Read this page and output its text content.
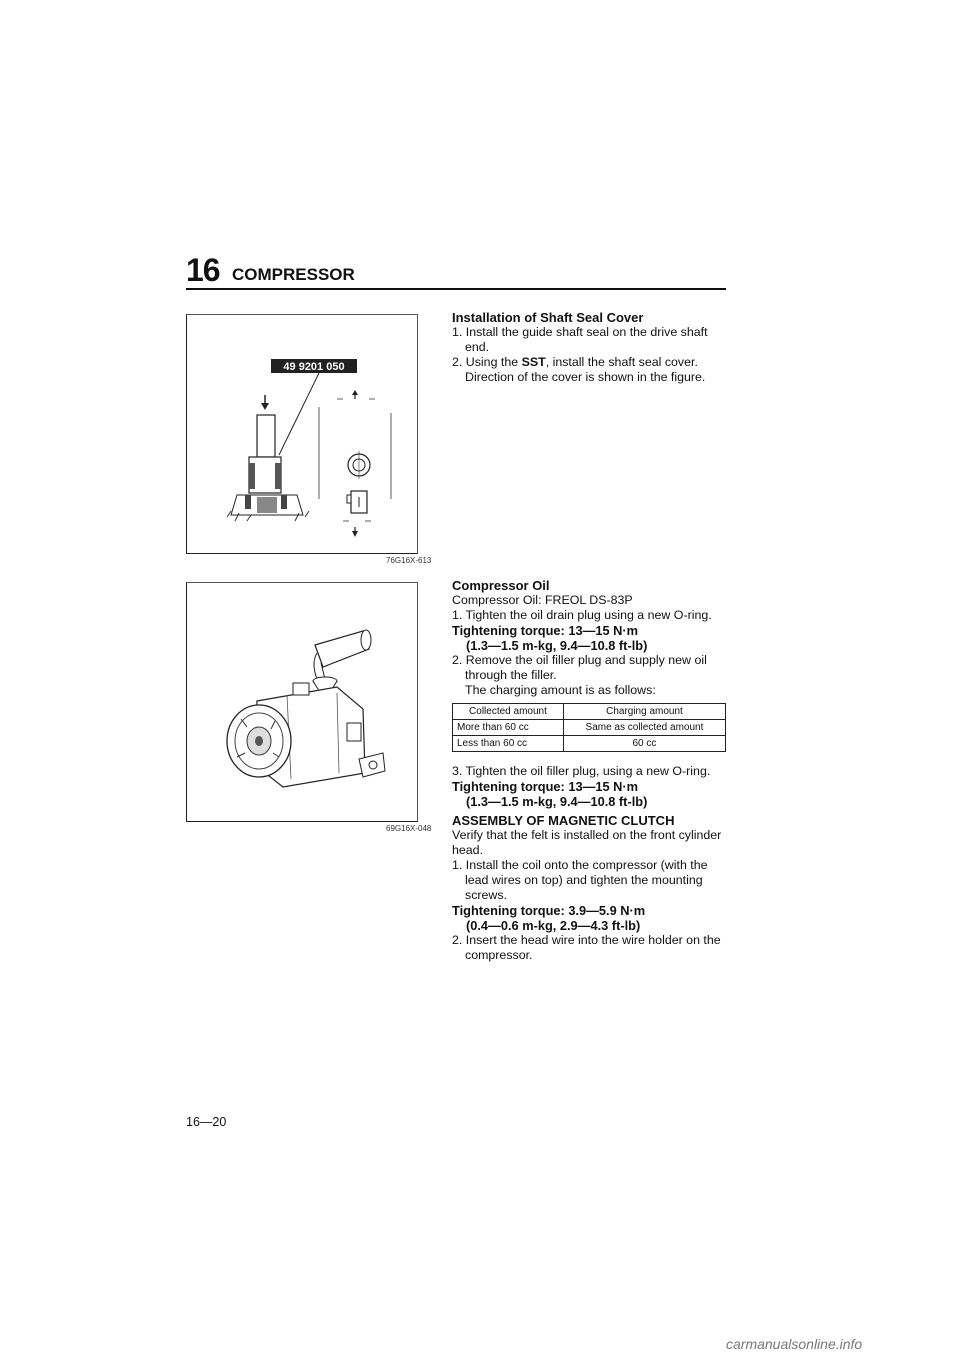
16 COMPRESSOR
49 9201 050
76G16X-613
69G16X-048

Installation of Shaft Seal Cover

1. Install the guide shaft seal on the drive shaft end.

2. Using the SST, install the shaft seal cover.

Direction of the cover is shown in the figure.

Compressor Oil

Compressor Oil: FREOL DS-83P

1. Tighten the oil drain plug using a new O-ring.

Tightening torque: 13—15 N·m
(1.3—1.5 m-kg, 9.4—10.8 ft-lb)

2. Remove the oil filler plug and supply new oil through the filler.

The charging amount is as follows:

Collected amount	Charging amount
More than 60 cc	Same as collected amount
Less than 60 cc	60 cc

3. Tighten the oil filler plug, using a new O-ring.

Tightening torque: 13—15 N·m
(1.3—1.5 m-kg, 9.4—10.8 ft-lb)

ASSEMBLY OF MAGNETIC CLUTCH

Verify that the felt is installed on the front cylinder head.

1. Install the coil onto the compressor (with the lead wires on top) and tighten the mounting screws.

Tightening torque: 3.9—5.9 N·m
(0.4—0.6 m-kg, 2.9—4.3 ft-lb)

2. Insert the head wire into the wire holder on the compressor.

16—20
carmanualsonline.info
